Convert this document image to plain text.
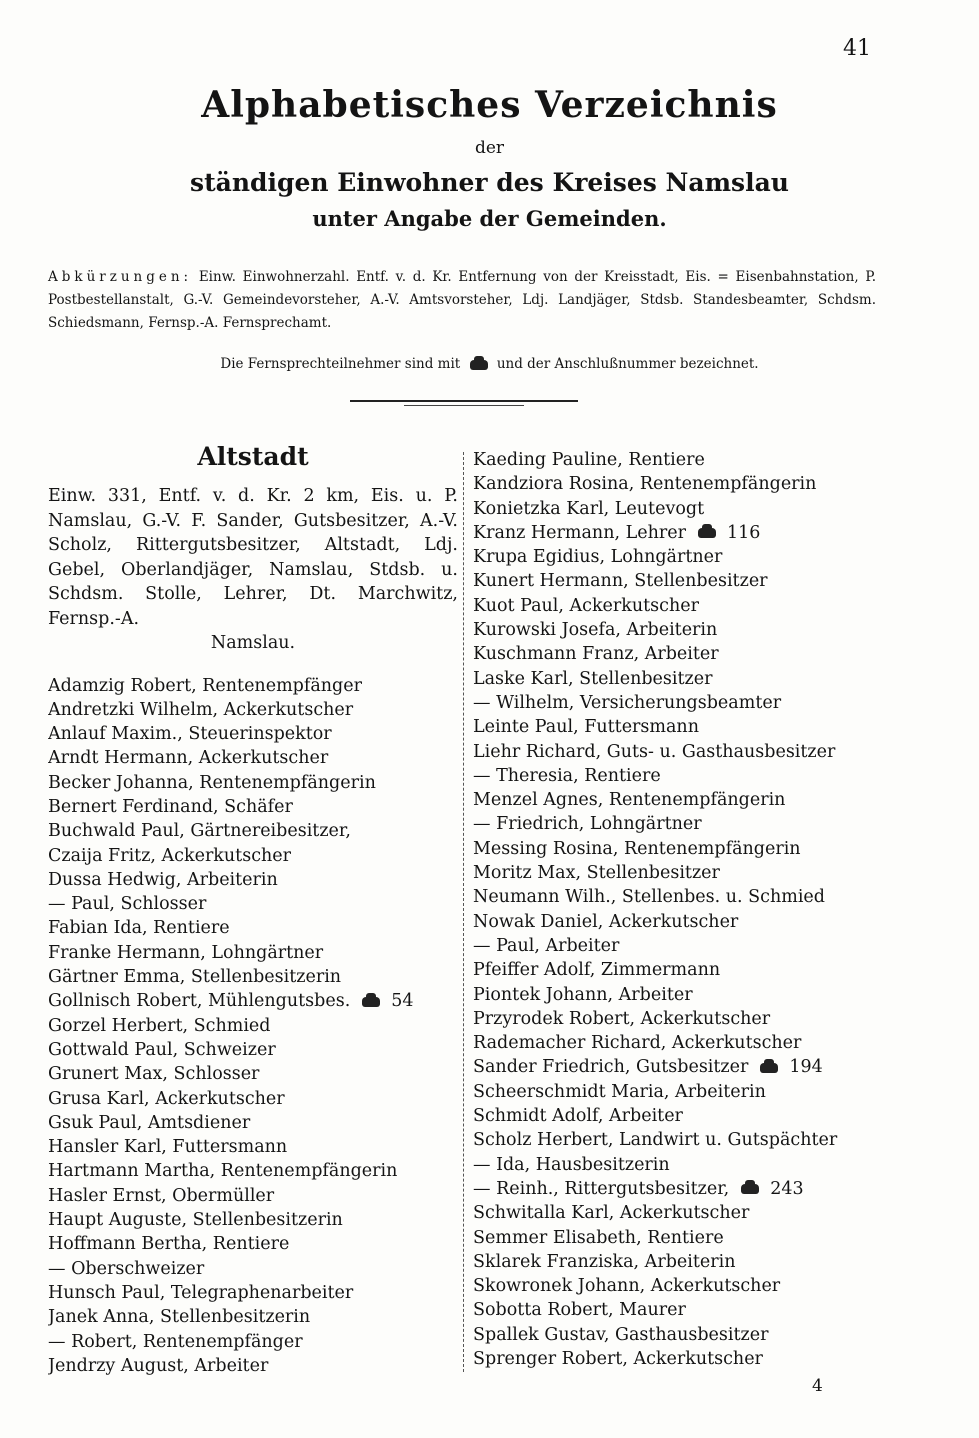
41
Alphabetisches Verzeichnis
der
ständigen Einwohner des Kreises Namslau
unter Angabe der Gemeinden.
Abkürzungen: Einw. Einwohnerzahl. Entf. v. d. Kr. Entfernung von der Kreisstadt, Eis. = Eisenbahnstation, P. Postbestellanstalt, G.-V. Gemeindevorsteher, A.-V. Amtsvorsteher, Ldj. Landjäger, Stdsb. Standesbeamter, Schdsm. Schiedsmann, Fernsp.-A. Fernsprechamt.
Die Fernsprechteilnehmer sind mit	und der Anschlußnummer bezeichnet.
Altstadt
Einw. 331, Entf. v. d. Kr. 2 km, Eis. u. P. Namslau, G.-V. F. Sander, Gutsbesitzer, A.-V. Scholz, Rittergutsbesitzer, Altstadt, Ldj. Gebel, Oberlandjäger, Namslau, Stdsb. u. Schdsm. Stolle, Lehrer, Dt. Marchwitz, Fernsp.-A.
Namslau.
Adamzig Robert, Rentenempfänger
Andretzki Wilhelm, Ackerkutscher
Anlauf Maxim., Steuerinspektor
Arndt Hermann, Ackerkutscher
Becker Johanna, Rentenempfängerin
Bernert Ferdinand, Schäfer
Buchwald Paul, Gärtnereibesitzer,
Czaija Fritz, Ackerkutscher
Dussa Hedwig, Arbeiterin
— Paul, Schlosser
Fabian Ida, Rentiere
Franke Hermann, Lohngärtner
Gärtner Emma, Stellenbesitzerin
Gollnisch Robert, Mühlengutsbes. 54
Gorzel Herbert, Schmied
Gottwald Paul, Schweizer
Grunert Max, Schlosser
Grusa Karl, Ackerkutscher
Gsuk Paul, Amtsdiener
Hansler Karl, Futtersmann
Hartmann Martha, Rentenempfängerin
Hasler Ernst, Obermüller
Haupt Auguste, Stellenbesitzerin
Hoffmann Bertha, Rentiere
— Oberschweizer
Hunsch Paul, Telegraphenarbeiter
Janek Anna, Stellenbesitzerin
— Robert, Rentenempfänger
Jendrzy August, Arbeiter
Kaeding Pauline, Rentiere
Kandziora Rosina, Rentenempfängerin
Konietzka Karl, Leutevogt
Kranz Hermann, Lehrer 116
Krupa Egidius, Lohngärtner
Kunert Hermann, Stellenbesitzer
Kuot Paul, Ackerkutscher
Kurowski Josefa, Arbeiterin
Kuschmann Franz, Arbeiter
Laske Karl, Stellenbesitzer
— Wilhelm, Versicherungsbeamter
Leinte Paul, Futtersmann
Liehr Richard, Guts- u. Gasthausbesitzer
— Theresia, Rentiere
Menzel Agnes, Rentenempfängerin
— Friedrich, Lohngärtner
Messing Rosina, Rentenempfängerin
Moritz Max, Stellenbesitzer
Neumann Wilh., Stellenbes. u. Schmied
Nowak Daniel, Ackerkutscher
— Paul, Arbeiter
Pfeiffer Adolf, Zimmermann
Piontek Johann, Arbeiter
Przyrodek Robert, Ackerkutscher
Rademacher Richard, Ackerkutscher
Sander Friedrich, Gutsbesitzer 194
Scheerschmidt Maria, Arbeiterin
Schmidt Adolf, Arbeiter
Scholz Herbert, Landwirt u. Gutspächter
— Ida, Hausbesitzerin
— Reinh., Rittergutsbesitzer, 243
Schwitalla Karl, Ackerkutscher
Semmer Elisabeth, Rentiere
Sklarek Franziska, Arbeiterin
Skowronek Johann, Ackerkutscher
Sobotta Robert, Maurer
Spallek Gustav, Gasthausbesitzer
Sprenger Robert, Ackerkutscher
4
